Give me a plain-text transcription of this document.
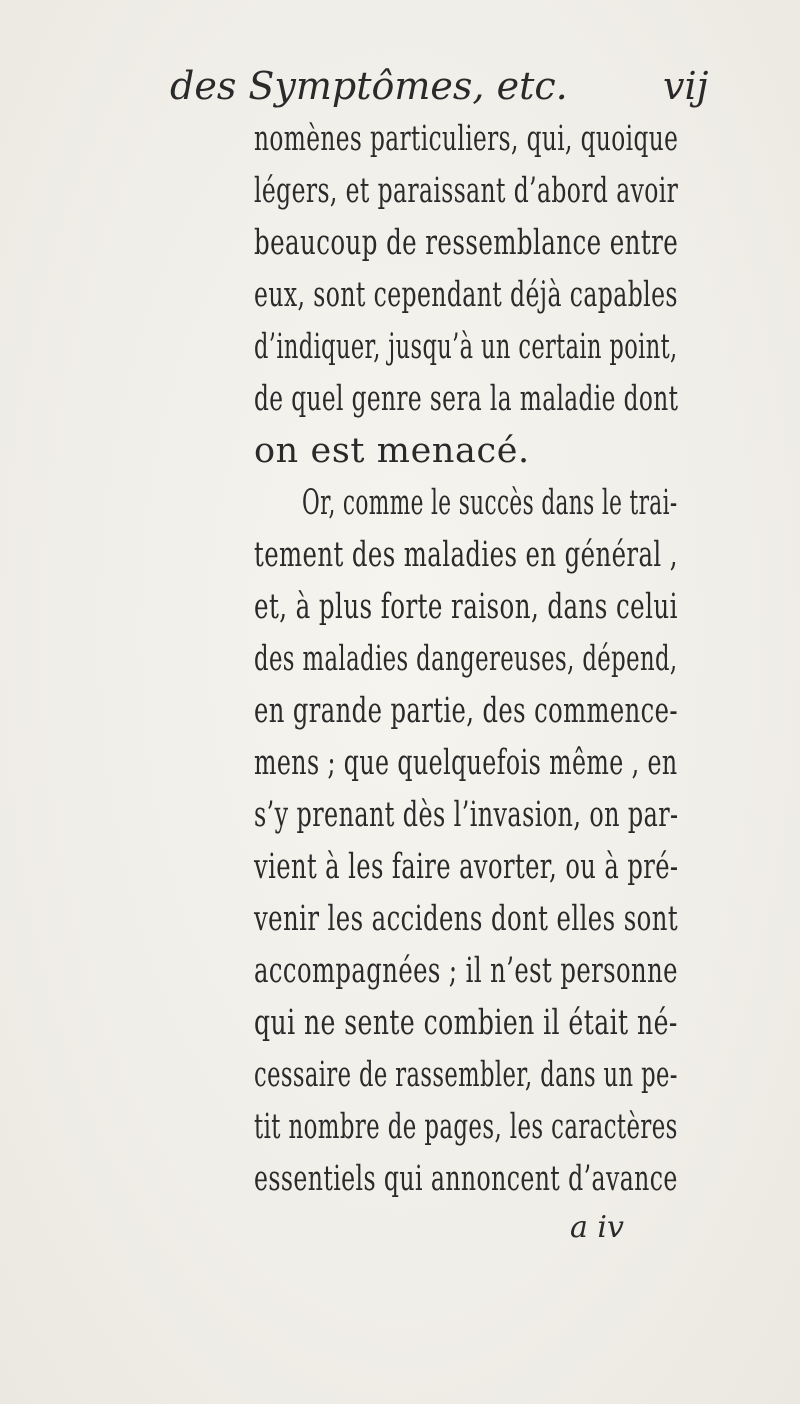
des Symptômes, etc.	vij
nomènes particuliers, qui, quoique
légers, et paraissant d’abord avoir
beaucoup de ressemblance entre
eux, sont cependant déjà capables
d’indiquer, jusqu’à un certain point,
de quel genre sera la maladie dont
on est menacé.
Or, comme le succès dans le trai-
tement des maladies en général ,
et, à plus forte raison, dans celui
des maladies dangereuses, dépend,
en grande partie, des commence-
mens ; que quelquefois même , en
s’y prenant dès l’invasion, on par-
vient à les faire avorter, ou à pré-
venir les accidens dont elles sont
accompagnées ; il n’est personne
qui ne sente combien il était né-
cessaire de rassembler, dans un pe-
tit nombre de pages, les caractères
essentiels qui annoncent d’avance
a iv
